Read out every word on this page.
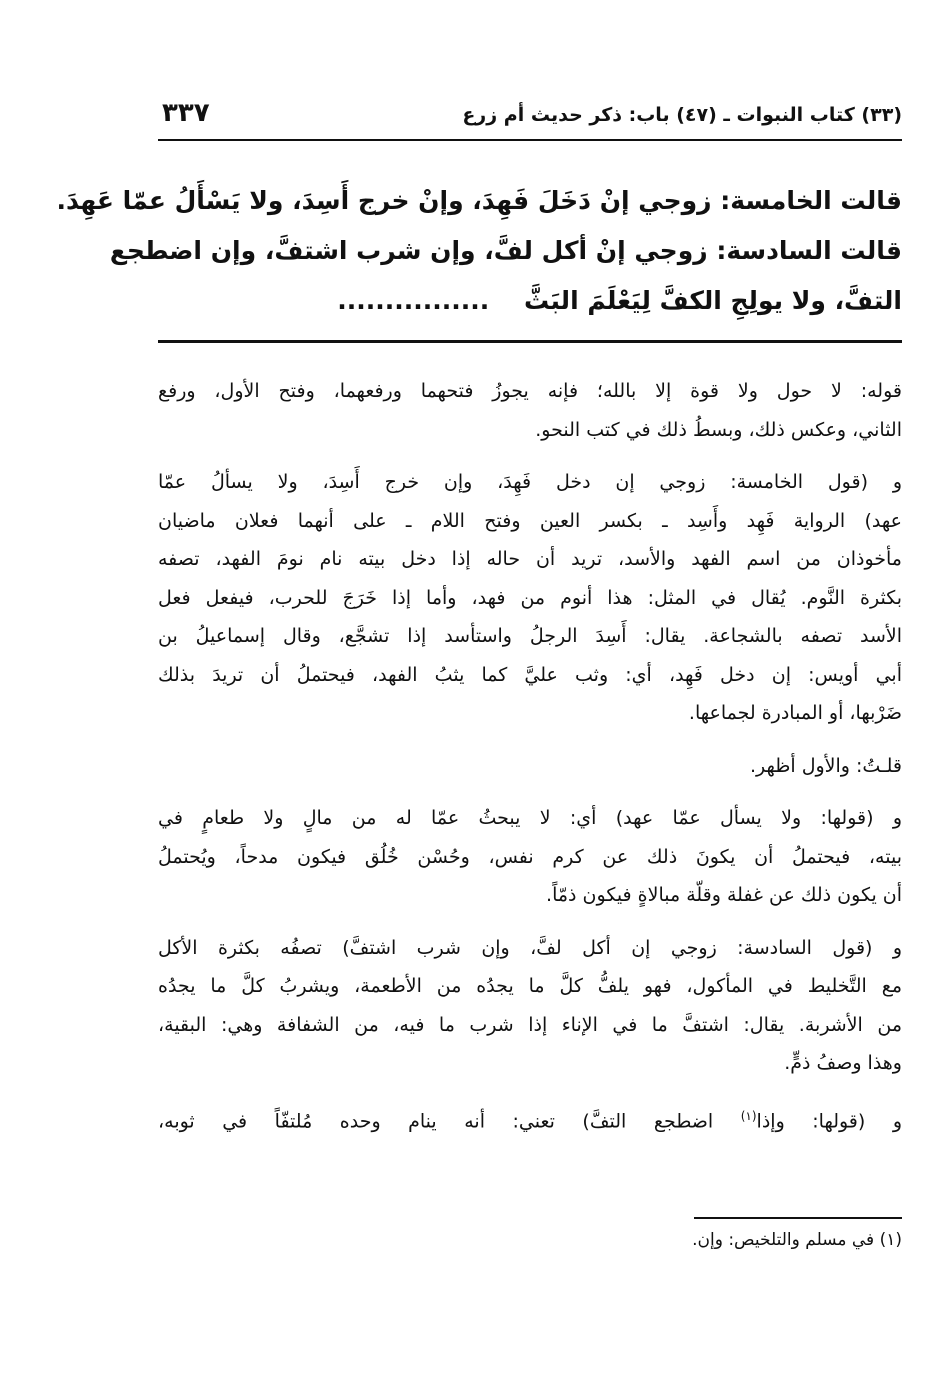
(٣٣) كتاب النبوات ـ (٤٧) باب: ذكر حديث أم زرع
٣٣٧
قالت الخامسة: زوجي إنْ دَخَلَ فَهِدَ، وإنْ خرج أَسِدَ، ولا يَسْأَلُ عمّا عَهِدَ.
قالت السادسة: زوجي إنْ أكل لفَّ، وإن شرب اشتفَّ، وإن اضطجع
التفَّ، ولا يولِجِ الكفَّ لِيَعْلَمَ البَثَّ    ................
قوله: لا حول ولا قوة إلا بالله؛ فإنه يجوزُ فتحهما ورفعهما، وفتح الأول، ورفع
الثاني، وعكس ذلك، وبسطُ ذلك في كتب النحو.
و (قول الخامسة: زوجي إن دخل فَهِدَ، وإن خرج أَسِدَ، ولا يسألُ عمّا
عهد) الرواية فَهِد وأَسِد ـ بكسر العين وفتح اللام ـ على أنهما فعلان ماضيان
مأخوذان من اسم الفهد والأسد، تريد أن حاله إذا دخل بيته نام نومَ الفهد، تصفه
بكثرة النَّوم. يُقال في المثل: هذا أنوم من فهد، وأما إذا خَرَجَ للحرب، فيفعل فعل
الأسد تصفه بالشجاعة. يقال: أَسِدَ الرجلُ واستأسد إذا تشجَّع، وقال إسماعيلُ بن
أبي أويس: إن دخل فَهِد، أي: وثب عليَّ كما يثبُ الفهد، فيحتملُ أن تريدَ بذلك
ضَرْبها، أو المبادرة لجماعها.
قلـتُ: والأول أظهر.
و (قولها: ولا يسأل عمّا عهد) أي: لا يبحثُ عمّا له من مالٍ ولا طعامٍ في
بيته، فيحتملُ أن يكونَ ذلك عن كرم نفس، وحُسْن خُلُق فيكون مدحاً، ويُحتملُ
أن يكون ذلك عن غفلة وقلّة مبالاةٍ فيكون ذمّاً.
و (قول السادسة: زوجي إن أكل لفَّ، وإن شرب اشتفَّ) تصفُه بكثرة الأكل
مع التَّخليط في المأكول، فهو يلفُّ كلَّ ما يجدُه من الأطعمة، ويشربُ كلَّ ما يجدُه
من الأشربة. يقال: اشتفَّ ما في الإناء إذا شرب ما فيه، من الشفافة وهي: البقية،
وهذا وصفُ ذمٍّ.
و (قولها: وإذا$^{(١)}$ اضطجع التفَّ) تعني: أنه ينام وحده مُلتفّاً في ثوبه،
(١) في مسلم والتلخيص: وإن.
